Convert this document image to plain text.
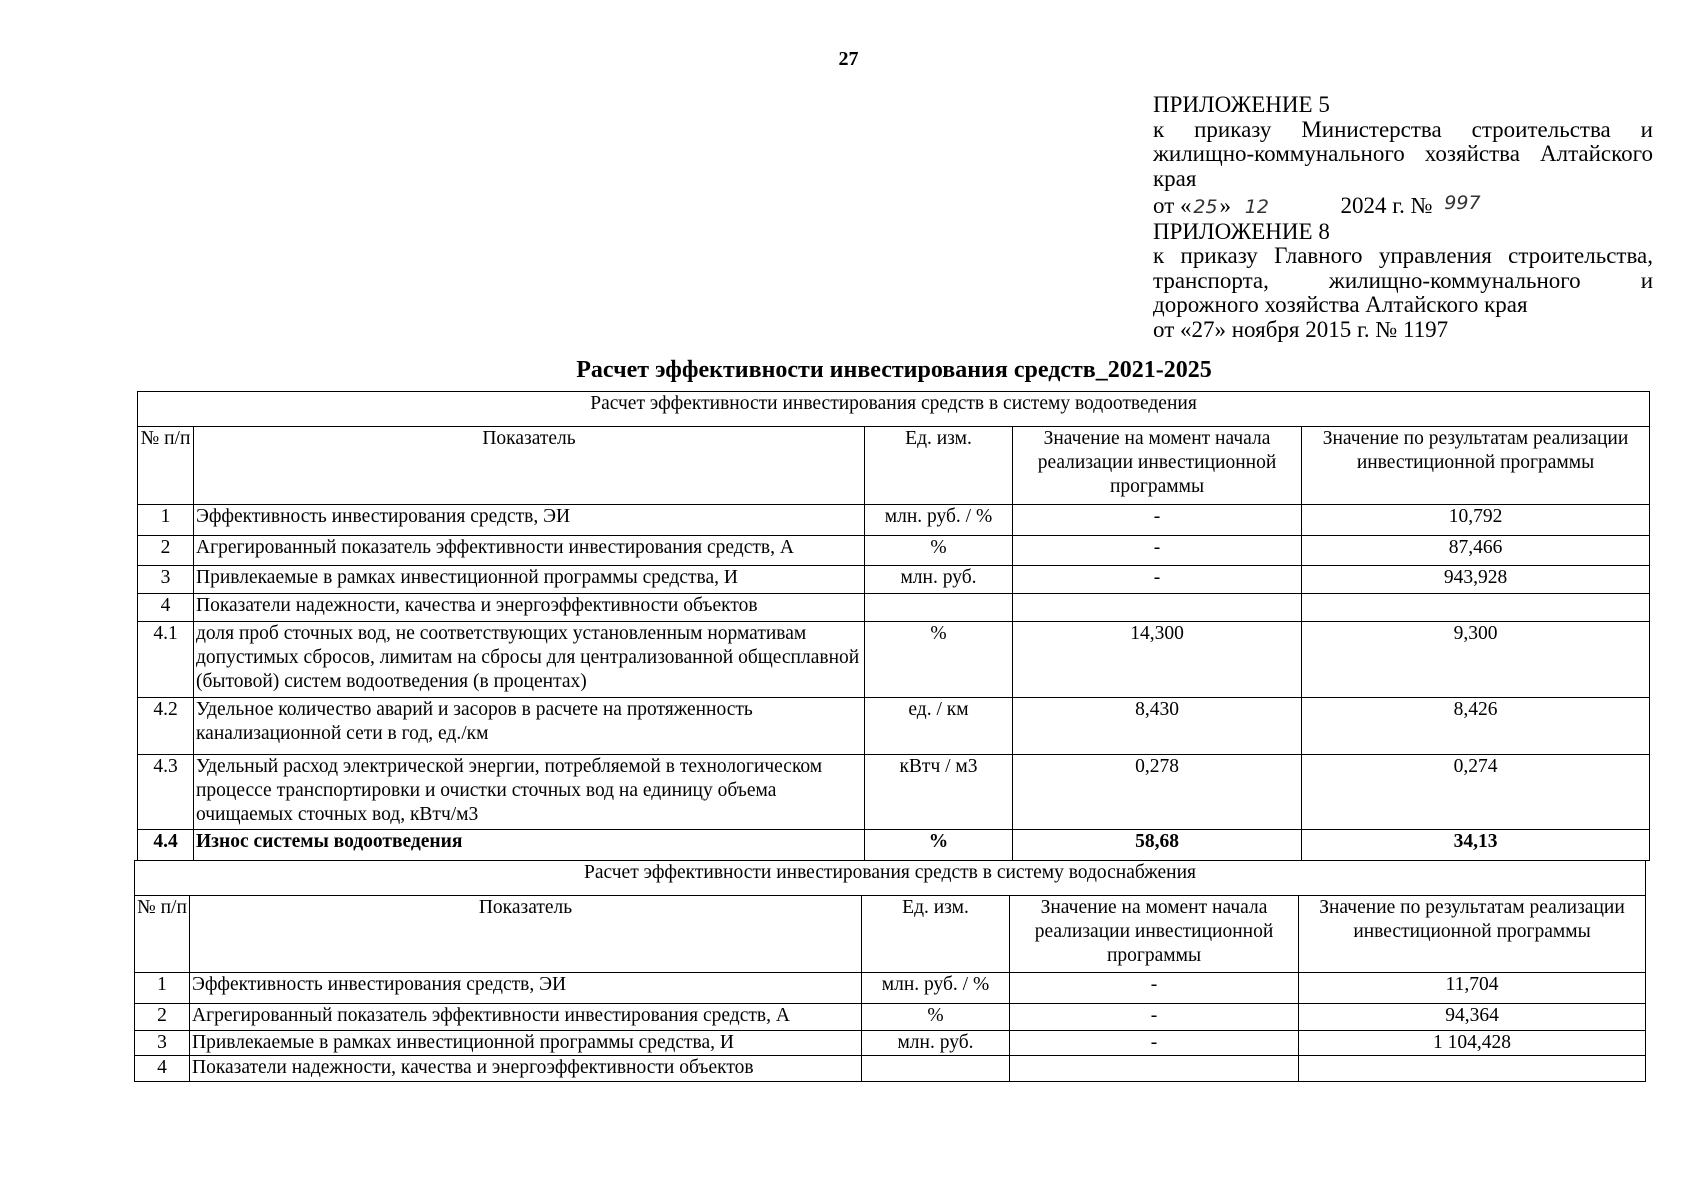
27
ПРИЛОЖЕНИЕ 5
к приказу Министерства строительства и
жилищно-коммунального хозяйства Алтайского
края
от « 25» 12	2024 г. № 997
ПРИЛОЖЕНИЕ 8
к приказу Главного управления строительства,
транспорта, жилищно-коммунального и
дорожного хозяйства Алтайского края
от «27» ноября 2015 г. № 1197
Расчет эффективности инвестирования средств_2021-2025
Расчет эффективности инвестирования средств в систему водоотведения				
№ п/п	Показатель	Ед. изм.	Значение на момент начала реализации инвестиционной программы	Значение по результатам реализации инвестиционной программы
1	Эффективность инвестирования средств, ЭИ	млн. руб. / %	-	10,792
2	Агрегированный показатель эффективности инвестирования средств, А	%	-	87,466
3	Привлекаемые в рамках инвестиционной программы средства, И	млн. руб.	-	943,928
4	Показатели надежности, качества и энергоэффективности объектов			
4.1	доля проб сточных вод, не соответствующих установленным нормативам допустимых сбросов, лимитам на сбросы для централизованной общесплавной (бытовой) систем водоотведения (в процентах)	%	14,300	9,300
4.2	Удельное количество аварий и засоров в расчете на протяженность канализационной сети в год, ед./км	ед. / км	8,430	8,426
4.3	Удельный расход электрической энергии, потребляемой в технологическом процессе транспортировки и очистки сточных вод на единицу объема очищаемых сточных вод, кВтч/м3	кВтч / м3	0,278	0,274
4.4	Износ системы водоотведения	%	58,68	34,13
Расчет эффективности инвестирования средств в систему водоснабжения				
№ п/п	Показатель	Ед. изм.	Значение на момент начала реализации инвестиционной программы	Значение по результатам реализации инвестиционной программы
1	Эффективность инвестирования средств, ЭИ	млн. руб. / %	-	11,704
2	Агрегированный показатель эффективности инвестирования средств, А	%	-	94,364
3	Привлекаемые в рамках инвестиционной программы средства, И	млн. руб.	-	1 104,428
4	Показатели надежности, качества и энергоэффективности объектов			
